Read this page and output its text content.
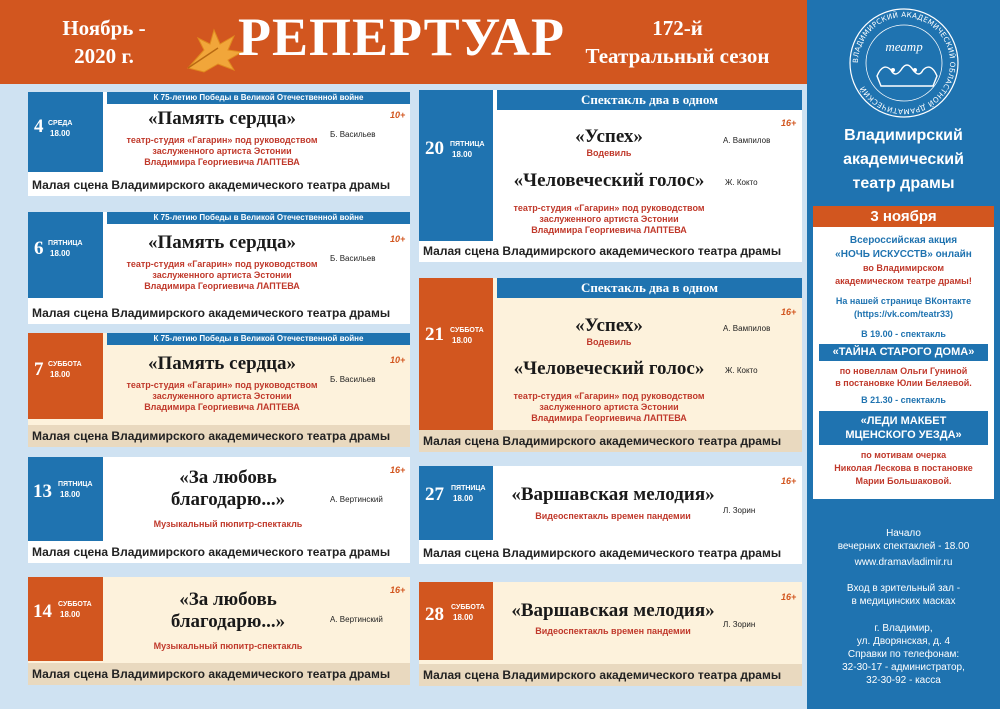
Ноябрь -
2020 г.	РЕПЕРТУАР	172-й
Театральный сезон
4 СРЕДА
18.00
К 75-летию Победы в Великой Отечественной войне
«Память сердца»	10+
Б. Васильев
театр-студия «Гагарин» под руководством
заслуженного артиста Эстонии
Владимира Георгиевича ЛАПТЕВА
Малая сцена Владимирского академического театра драмы
6 ПЯТНИЦА
18.00
К 75-летию Победы в Великой Отечественной войне
«Память сердца»	10+
Б. Васильев
театр-студия «Гагарин» под руководством
заслуженного артиста Эстонии
Владимира Георгиевича ЛАПТЕВА
Малая сцена Владимирского академического театра драмы
7 СУББОТА
18.00
К 75-летию Победы в Великой Отечественной войне
«Память сердца»	10+
Б. Васильев
театр-студия «Гагарин» под руководством
заслуженного артиста Эстонии
Владимира Георгиевича ЛАПТЕВА
Малая сцена Владимирского академического театра драмы
13 ПЯТНИЦА
18.00
«За любовь
благодарю...»
16+
А. Вертинский
Музыкальный пюпитр-спектакль
Малая сцена Владимирского академического театра драмы
14 СУББОТА
18.00
«За любовь
благодарю...»
16+
А. Вертинский
Музыкальный пюпитр-спектакль
Малая сцена Владимирского академического театра драмы
20 ПЯТНИЦА
18.00
Спектакль два в одном
«Успех»	А. Вампилов
Водевиль
16+
«Человеческий голос»	Ж. Кокто
театр-студия «Гагарин» под руководством
заслуженного артиста Эстонии
Владимира Георгиевича ЛАПТЕВА
Малая сцена Владимирского академического театра драмы
21 СУББОТА
18.00
Спектакль два в одном
«Успех»	А. Вампилов
Водевиль
16+
«Человеческий голос»	Ж. Кокто
театр-студия «Гагарин» под руководством
заслуженного артиста Эстонии
Владимира Георгиевича ЛАПТЕВА
Малая сцена Владимирского академического театра драмы
27 ПЯТНИЦА
18.00	«Варшавская мелодия»
16+
Л. Зорин
Видеоспектакль времен пандемии
Малая сцена Владимирского академического театра драмы
28 СУББОТА
18.00	«Варшавская мелодия»
16+
Л. Зорин
Видеоспектакль времен пандемии
Малая сцена Владимирского академического театра драмы
ВЛАДИМИРСКИЙ АКАДЕМИЧЕСКИЙ ОБЛАСТНОЙ ДРАМАТИЧЕСКИЙ
театр
Владимирский
академический
театр драмы
3 ноября
Всероссийская акция
«НОЧЬ ИСКУССТВ» онлайн
во Владимирском
академическом театре драмы!
На нашей странице ВКонтакте
(https://vk.com/teatr33)
В 19.00 - спектакль
«ТАЙНА СТАРОГО ДОМА»
по новеллам Ольги Гуниной
в постановке Юлии Беляевой.
В 21.30 - спектакль
«ЛЕДИ МАКБЕТ
МЦЕНСКОГО УЕЗДА»
по мотивам очерка
Николая Лескова в постановке
Марии Большаковой.
Начало
вечерних спектаклей - 18.00
www.dramavladimir.ru
Вход в зрительный зал -
в медицинских масках
г. Владимир,
ул. Дворянская, д. 4
Справки по телефонам:
32-30-17 - администратор,
32-30-92 - касса
